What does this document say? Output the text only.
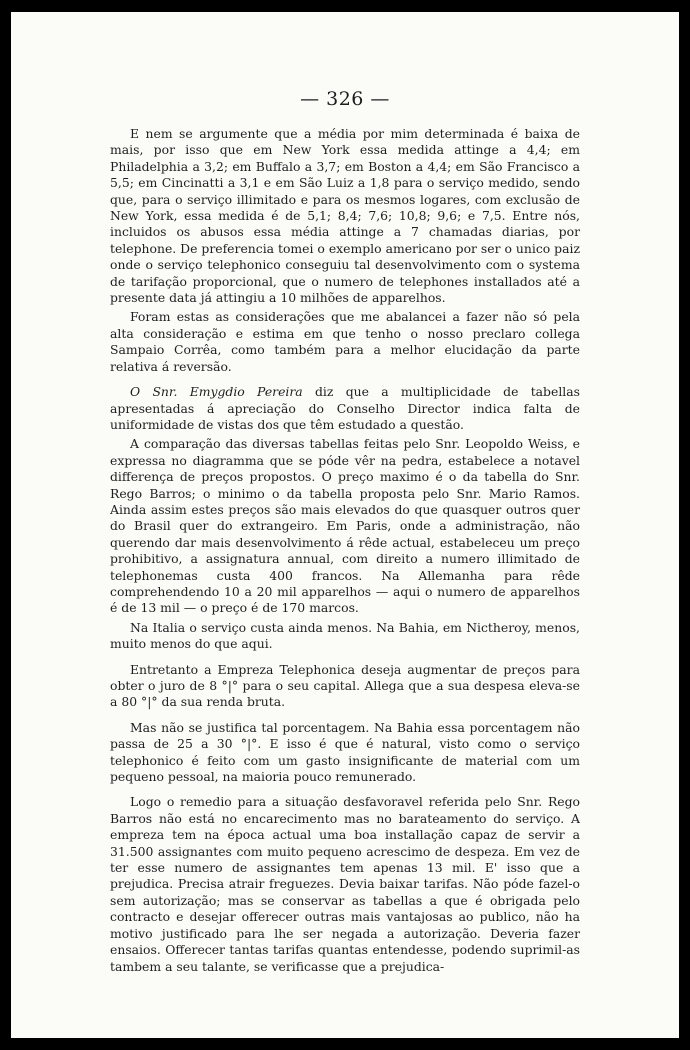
— 326 —

E nem se argumente que a média por mim determinada é baixa de mais, por isso que em New York essa medida attinge a 4,4; em Philadelphia a 3,2; em Buffalo a 3,7; em Boston a 4,4; em São Francisco a 5,5; em Cincinatti a 3,1 e em São Luiz a 1,8 para o serviço medido, sendo que, para o serviço illimitado e para os mesmos logares, com exclusão de New York, essa medida é de 5,1; 8,4; 7,6; 10,8; 9,6; e 7,5. Entre nós, incluidos os abusos essa média attinge a 7 chamadas diarias, por telephone. De preferencia tomei o exemplo americano por ser o unico paiz onde o serviço telephonico conseguiu tal desenvolvimento com o systema de tarifação proporcional, que o numero de telephones installados até a presente data já attingiu a 10 milhões de apparelhos.

Foram estas as considerações que me abalancei a fazer não só pela alta consideração e estima em que tenho o nosso preclaro collega Sampaio Corrêa, como também para a melhor elucidação da parte relativa á reversão.

O Snr. Emygdio Pereira diz que a multiplicidade de tabellas apresentadas á apreciação do Conselho Director indica falta de uniformidade de vistas dos que têm estudado a questão.

A comparação das diversas tabellas feitas pelo Snr. Leopoldo Weiss, e expressa no diagramma que se póde vêr na pedra, estabelece a notavel differença de preços propostos. O preço maximo é o da tabella do Snr. Rego Barros; o minimo o da tabella proposta pelo Snr. Mario Ramos. Ainda assim estes preços são mais elevados do que quasquer outros quer do Brasil quer do extrangeiro. Em Paris, onde a administração, não querendo dar mais desenvolvimento á rêde actual, estabeleceu um preço prohibitivo, a assignatura annual, com direito a numero illimitado de telephonemas custa 400 francos. Na Allemanha para rêde comprehendendo 10 a 20 mil apparelhos — aqui o numero de apparelhos é de 13 mil — o preço é de 170 marcos.

Na Italia o serviço custa ainda menos. Na Bahia, em Nictheroy, menos, muito menos do que aqui.

Entretanto a Empreza Telephonica deseja augmentar de preços para obter o juro de 8 °|° para o seu capital. Allega que a sua despesa eleva-se a 80 °|° da sua renda bruta.

Mas não se justifica tal porcentagem. Na Bahia essa porcentagem não passa de 25 a 30 °|°. E isso é que é natural, visto como o serviço telephonico é feito com um gasto insignificante de material com um pequeno pessoal, na maioria pouco remunerado.

Logo o remedio para a situação desfavoravel referida pelo Snr. Rego Barros não está no encarecimento mas no barateamento do serviço. A empreza tem na época actual uma boa installação capaz de servir a 31.500 assignantes com muito pequeno acrescimo de despeza. Em vez de ter esse numero de assignantes tem apenas 13 mil. E' isso que a prejudica. Precisa atrair freguezes. Devia baixar tarifas. Não póde fazel-o sem autorização; mas se conservar as tabellas a que é obrigada pelo contracto e desejar offerecer outras mais vantajosas ao publico, não ha motivo justificado para lhe ser negada a autorização. Deveria fazer ensaios. Offerecer tantas tarifas quantas entendesse, podendo suprimil-as tambem a seu talante, se verificasse que a prejudica-
